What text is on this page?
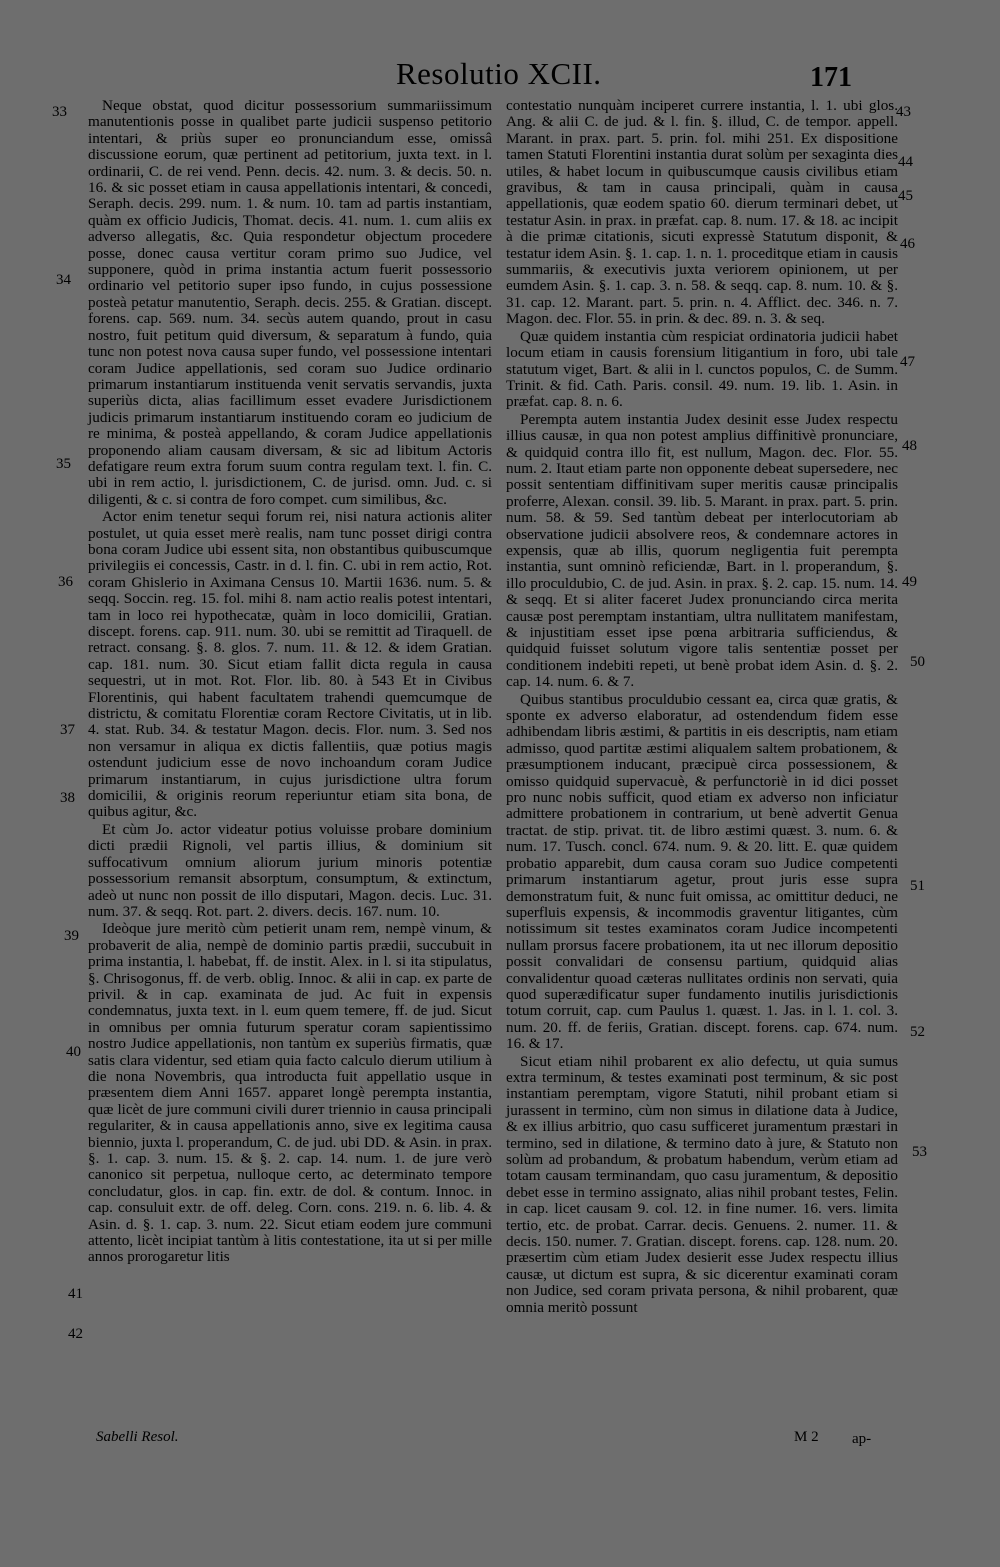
Resolutio XCII.	171

Neque obstat, quod dicitur possessorium summariissimum manutentionis posse in qualibet parte judicii suspenso petitorio intentari, & priùs super eo pronunciandum esse, omissâ discussione eorum, quæ pertinent ad petitorium, juxta text. in l. ordinarii, C. de rei vend. Penn. decis. 42. num. 3. & decis. 50. n. 16. & sic posset etiam in causa appellationis intentari, & concedi, Seraph. decis. 299. num. 1. & num. 10. tam ad partis instantiam, quàm ex officio Judicis, Thomat. decis. 41. num. 1. cum aliis ex adverso allegatis, &c. Quia respondetur objectum procedere posse, donec causa vertitur coram primo suo Judice, vel supponere, quòd in prima instantia actum fuerit possessorio ordinario vel petitorio super ipso fundo, in cujus possessione posteà petatur manutentio, Seraph. decis. 255. & Gratian. discept. forens. cap. 569. num. 34. secùs autem quando, prout in casu nostro, fuit petitum quid diversum, & separatum à fundo, quia tunc non potest nova causa super fundo, vel possessione intentari coram Judice appellationis, sed coram suo Judice ordinario primarum instantiarum instituenda venit servatis servandis, juxta superiùs dicta, alias facillimum esset evadere Jurisdictionem judicis primarum instantiarum instituendo coram eo judicium de re minima, & posteà appellando, & coram Judice appellationis proponendo aliam causam diversam, & sic ad libitum Actoris defatigare reum extra forum suum contra regulam text. l. fin. C. ubi in rem actio, l. jurisdictionem, C. de jurisd. omn. Jud. c. si diligenti, & c. si contra de foro compet. cum similibus, &c.

Actor enim tenetur sequi forum rei, nisi natura actionis aliter postulet, ut quia esset merè realis, nam tunc posset dirigi contra bona coram Judice ubi essent sita, non obstantibus quibuscumque privilegiis ei concessis, Castr. in d. l. fin. C. ubi in rem actio, Rot. coram Ghislerio in Aximana Census 10. Martii 1636. num. 5. & seqq. Soccin. reg. 15. fol. mihi 8. nam actio realis potest intentari, tam in loco rei hypothecatæ, quàm in loco domicilii, Gratian. discept. forens. cap. 911. num. 30. ubi se remittit ad Tiraquell. de retract. consang. §. 8. glos. 7. num. 11. & 12. & idem Gratian. cap. 181. num. 30. Sicut etiam fallit dicta regula in causa sequestri, ut in mot. Rot. Flor. lib. 80. à 543 Et in Civibus Florentinis, qui habent facultatem trahendi quemcumque de districtu, & comitatu Florentiæ coram Rectore Civitatis, ut in lib. 4. stat. Rub. 34. & testatur Magon. decis. Flor. num. 3. Sed nos non versamur in aliqua ex dictis fallentiis, quæ potius magis ostendunt judicium esse de novo inchoandum coram Judice primarum instantiarum, in cujus jurisdictione ultra forum domicilii, & originis reorum reperiuntur etiam sita bona, de quibus agitur, &c.

Et cùm Jo. actor videatur potius voluisse probare dominium dicti prædii Rignoli, vel partis illius, & dominium sit suffocativum omnium aliorum jurium minoris potentiæ possessorium remansit absorptum, consumptum, & extinctum, adeò ut nunc non possit de illo disputari, Magon. decis. Luc. 31. num. 37. & seqq. Rot. part. 2. divers. decis. 167. num. 10.

Ideòque jure meritò cùm petierit unam rem, nempè vinum, & probaverit de alia, nempè de dominio partis prædii, succubuit in prima instantia, l. habebat, ff. de instit. Alex. in l. si ita stipulatus, §. Chrisogonus, ff. de verb. oblig. Innoc. & alii in cap. ex parte de privil. & in cap. examinata de jud. Ac fuit in expensis condemnatus, juxta text. in l. eum quem temere, ff. de jud. Sicut in omnibus per omnia futurum speratur coram sapientissimo nostro Judice appellationis, non tantùm ex superiùs firmatis, quæ satis clara videntur, sed etiam quia facto calculo dierum utilium à die nona Novembris, qua introducta fuit appellatio usque in præsentem diem Anni 1657. apparet longè perempta instantia, quæ licèt de jure communi civili durет triennio in causa principali regulariter, & in causa appellationis anno, sive ex legitima causa biennio, juxta l. properandum, C. de jud. ubi DD. & Asin. in prax. §. 1. cap. 3. num. 15. & §. 2. cap. 14. num. 1. de jure verò canonico sit perpetua, nulloque certo, ac determinato tempore concludatur, glos. in cap. fin. extr. de dol. & contum. Innoc. in cap. consuluit extr. de off. deleg. Corn. cons. 219. n. 6. lib. 4. & Asin. d. §. 1. cap. 3. num. 22. Sicut etiam eodem jure communi attento, licèt incipiat tantùm à litis contestatione, ita ut si per mille annos prorogaretur litis

contestatio nunquàm inciperet currere instantia, l. 1. ubi glos. Ang. & alii C. de jud. & l. fin. §. illud, C. de tempor. appell. Marant. in prax. part. 5. prin. fol. mihi 251. Ex dispositione tamen Statuti Florentini instantia durat solùm per sexaginta dies utiles, & habet locum in quibuscumque causis civilibus etiam gravibus, & tam in causa principali, quàm in causa appellationis, quæ eodem spatio 60. dierum terminari debet, ut testatur Asin. in prax. in præfat. cap. 8. num. 17. & 18. ac incipit à die primæ citationis, sicuti expressè Statutum disponit, & testatur idem Asin. §. 1. cap. 1. n. 1. proceditque etiam in causis summariis, & executivis juxta veriorem opinionem, ut per eumdem Asin. §. 1. cap. 3. n. 58. & seqq. cap. 8. num. 10. & §. 31. cap. 12. Marant. part. 5. prin. n. 4. Afflict. dec. 346. n. 7. Magon. dec. Flor. 55. in prin. & dec. 89. n. 3. & seq.

Quæ quidem instantia cùm respiciat ordinatoria judicii habet locum etiam in causis forensium litigantium in foro, ubi tale statutum viget, Bart. & alii in l. cunctos populos, C. de Summ. Trinit. & fid. Cath. Paris. consil. 49. num. 19. lib. 1. Asin. in præfat. cap. 8. n. 6.

Perempta autem instantia Judex desinit esse Judex respectu illius causæ, in qua non potest amplius diffinitivè pronunciare, & quidquid contra illo fit, est nullum, Magon. dec. Flor. 55. num. 2. Itaut etiam parte non opponente debeat supersedere, nec possit sententiam diffinitivam super meritis causæ principalis proferre, Alexan. consil. 39. lib. 5. Marant. in prax. part. 5. prin. num. 58. & 59. Sed tantùm debeat per interlocutoriam ab observatione judicii absolvere reos, & condemnare actores in expensis, quæ ab illis, quorum negligentia fuit perempta instantia, sunt omninò reficiendæ, Bart. in l. properandum, §. illo proculdubio, C. de jud. Asin. in prax. §. 2. cap. 15. num. 14. & seqq. Et si aliter faceret Judex pronunciando circa merita causæ post peremptam instantiam, ultra nullitatem manifestam, & injustitiam esset ipse pœna arbitraria sufficiendus, & quidquid fuisset solutum vigore talis sententiæ posset per conditionem indebiti repeti, ut benè probat idem Asin. d. §. 2. cap. 14. num. 6. & 7.

Quibus stantibus proculdubio cessant ea, circa quæ gratis, & sponte ex adverso elaboratur, ad ostendendum fidem esse adhibendam libris æstimi, & partitis in eis descriptis, nam etiam admisso, quod partitæ æstimi aliqualem saltem probationem, & præsumptionem inducant, præcipuè circa possessionem, & omisso quidquid supervacuè, & perfunctoriè in id dici posset pro nunc nobis sufficit, quod etiam ex adverso non inficiatur admittere probationem in contrarium, ut benè advertit Genua tractat. de stip. privat. tit. de libro æstimi quæst. 3. num. 6. & num. 17. Tusch. concl. 674. num. 9. & 20. litt. E. quæ quidem probatio apparebit, dum causa coram suo Judice competenti primarum instantiarum agetur, prout juris esse supra demonstratum fuit, & nunc fuit omissa, ac omittitur deduci, ne superfluis expensis, & incommodis graventur litigantes, cùm notissimum sit testes examinatos coram Judice incompetenti nullam prorsus facere probationem, ita ut nec illorum depositio possit convalidari de consensu partium, quidquid alias convalidentur quoad cæteras nullitates ordinis non servati, quia quod superædificatur super fundamento inutilis jurisdictionis totum corruit, cap. cum Paulus 1. quæst. 1. Jas. in l. 1. col. 3. num. 20. ff. de feriis, Gratian. discept. forens. cap. 674. num. 16. & 17.

Sicut etiam nihil probarent ex alio defectu, ut quia sumus extra terminum, & testes examinati post terminum, & sic post instantiam peremptam, vigore Statuti, nihil probant etiam si jurassent in termino, cùm non simus in dilatione data à Judice, & ex illius arbitrio, quo casu sufficeret juramentum præstari in termino, sed in dilatione, & termino dato à jure, & Statuto non solùm ad probandum, & probatum habendum, verùm etiam ad totam causam terminandam, quo casu juramentum, & depositio debet esse in termino assignato, alias nihil probant testes, Felin. in cap. licet causam 9. col. 12. in fine numer. 16. vers. limita tertio, etc. de probat. Carrar. decis. Genuens. 2. numer. 11. & decis. 150. numer. 7. Gratian. discept. forens. cap. 128. num. 20. præsertim cùm etiam Judex desierit esse Judex respectu illius causæ, ut dictum est supra, & sic dicerentur examinati coram non Judice, sed coram privata persona, & nihil probarent, quæ omnia meritò possunt

33
34
35
36
37
38
39
40
41
42
43
44
45
46
47
48
49
50
51
52
53
Sabelli Resol.	M 2 ap-
